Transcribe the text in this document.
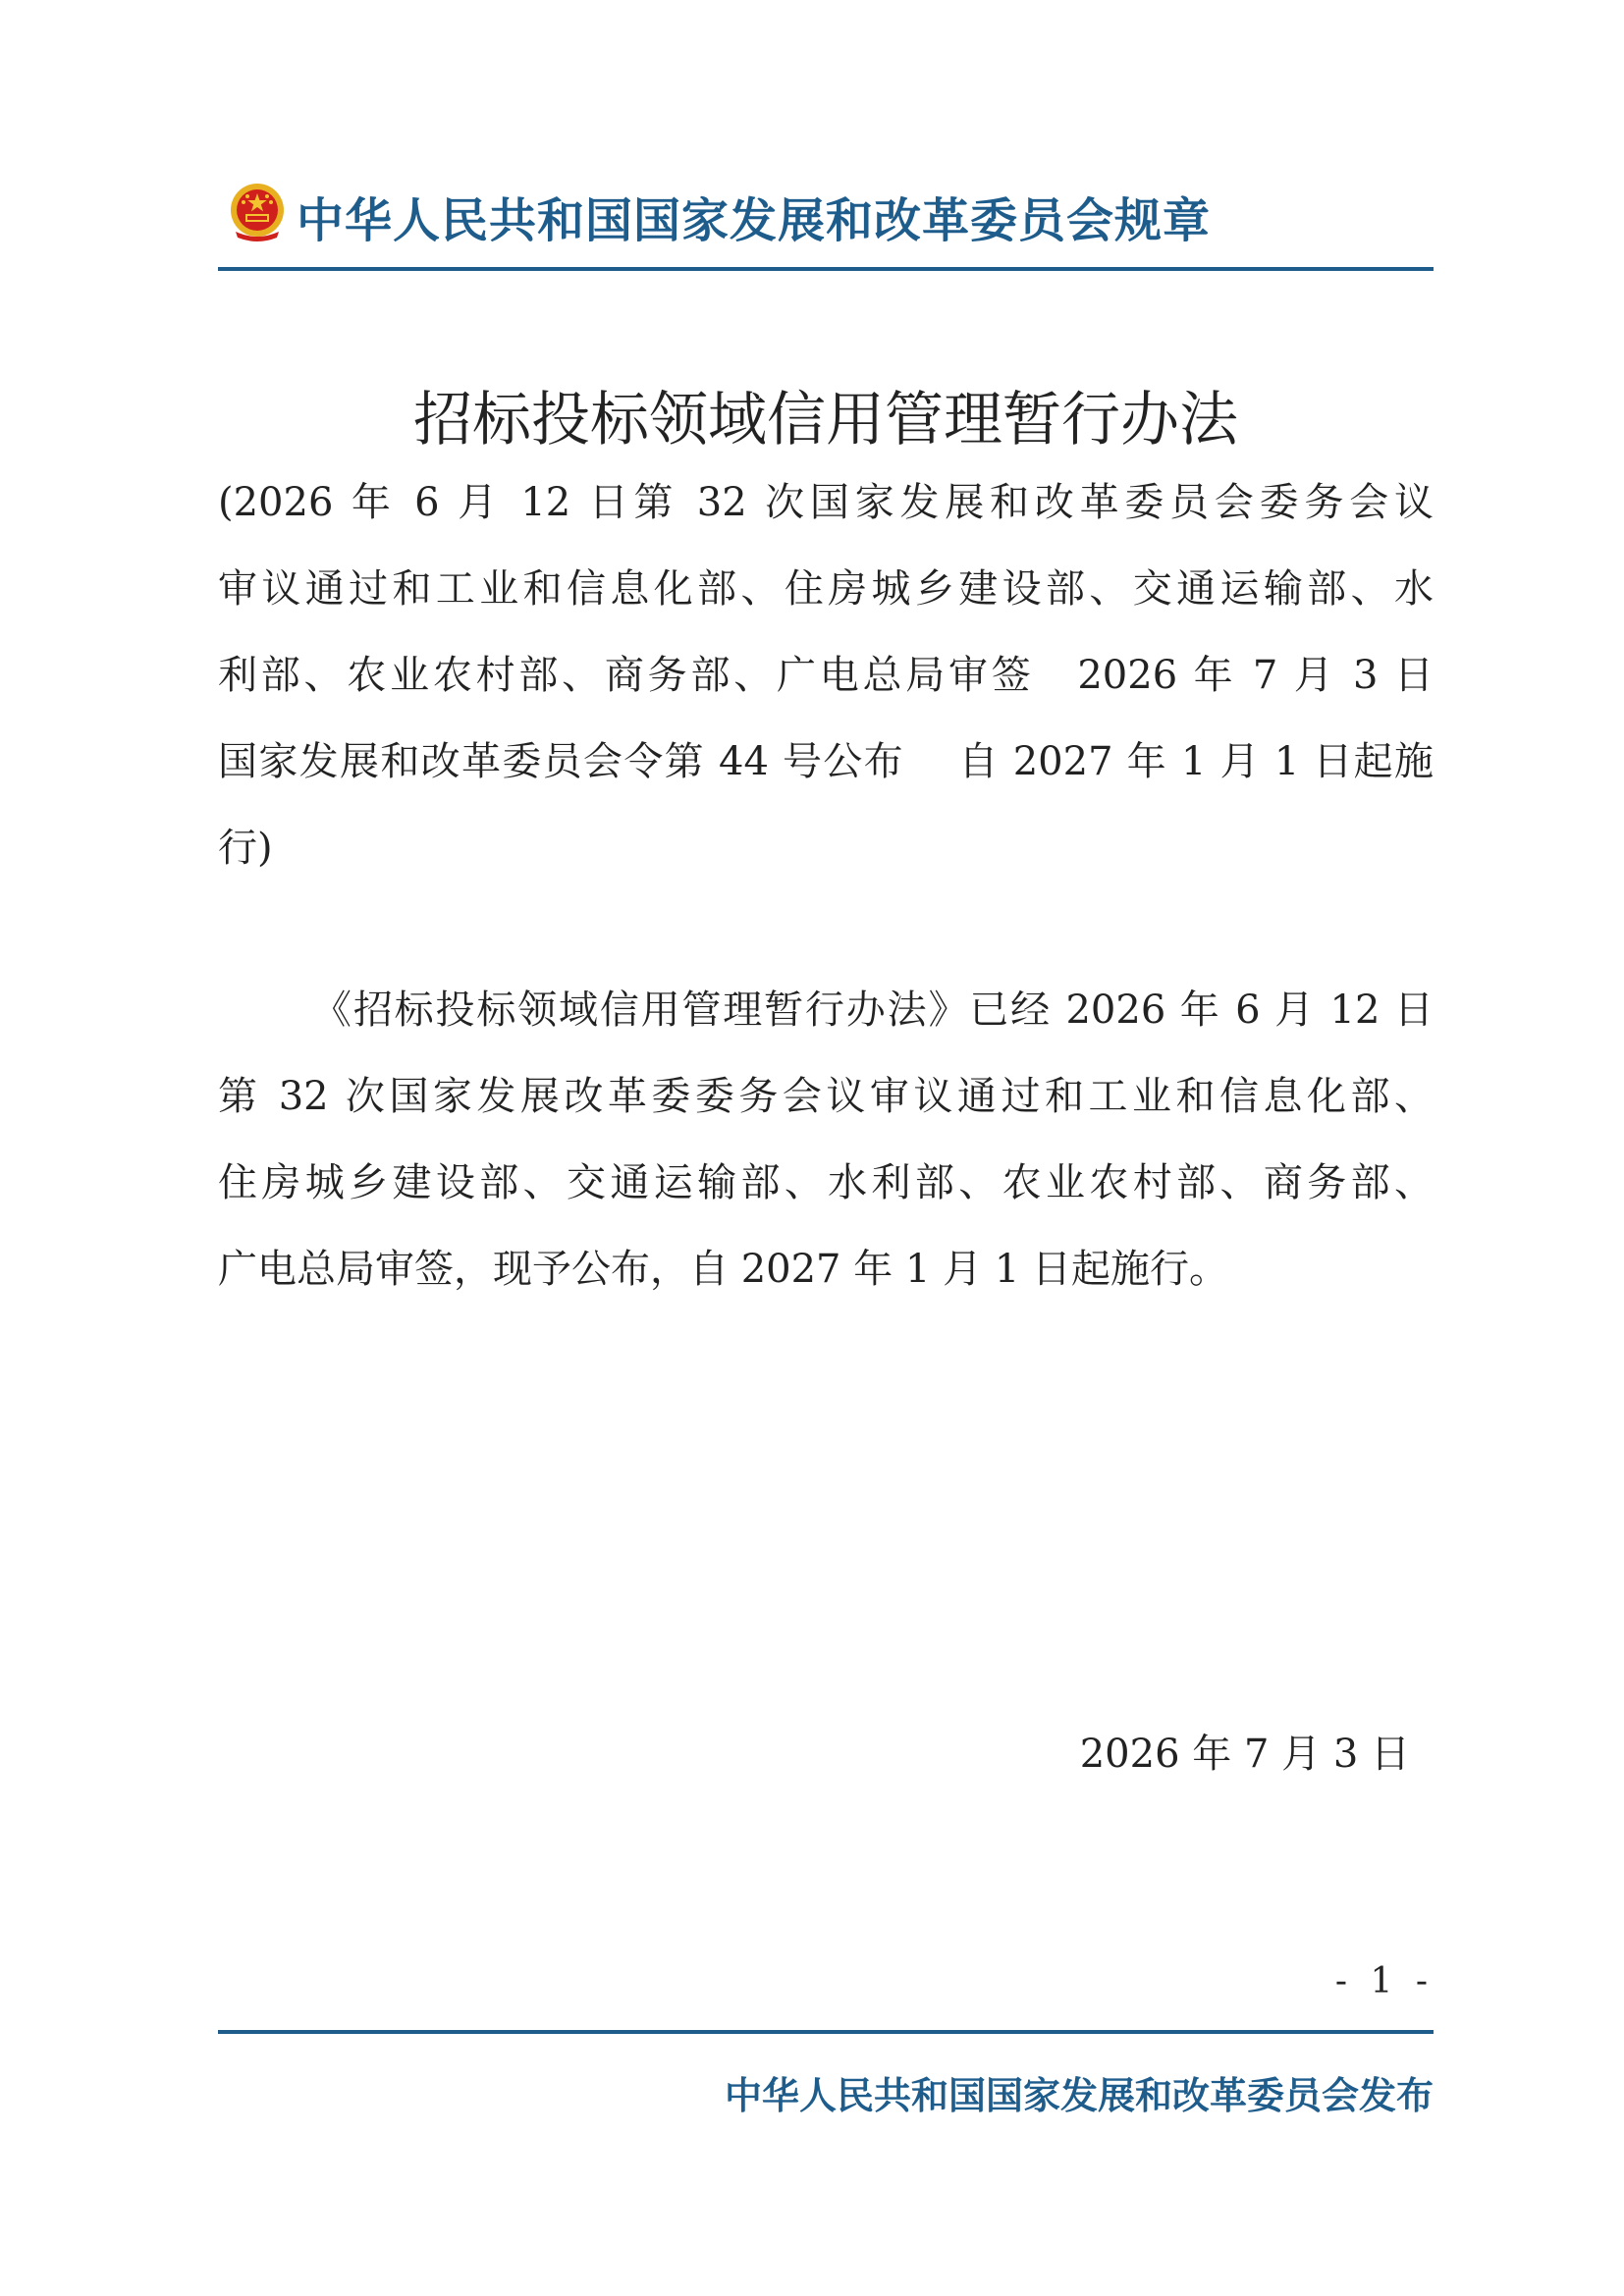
中华人民共和国国家发展和改革委员会规章
招标投标领域信用管理暂行办法
(2026 年 6 月 12 日第 32 次国家发展和改革委员会委务会议
审议通过和工业和信息化部、住房城乡建设部、交通运输部、水
利部、农业农村部、商务部、广电总局审签　2026 年 7 月 3 日
国家发展和改革委员会令第 44 号公布　 自 2027 年 1 月 1 日起施
行)
《招标投标领域信用管理暂行办法》已经 2026 年 6 月 12 日
第 32 次国家发展改革委委务会议审议通过和工业和信息化部、
住房城乡建设部、交通运输部、水利部、农业农村部、商务部、
广电总局审签，现予公布，自 2027 年 1 月 1 日起施行。
2026 年 7 月 3 日
- 1 -
中华人民共和国国家发展和改革委员会发布
